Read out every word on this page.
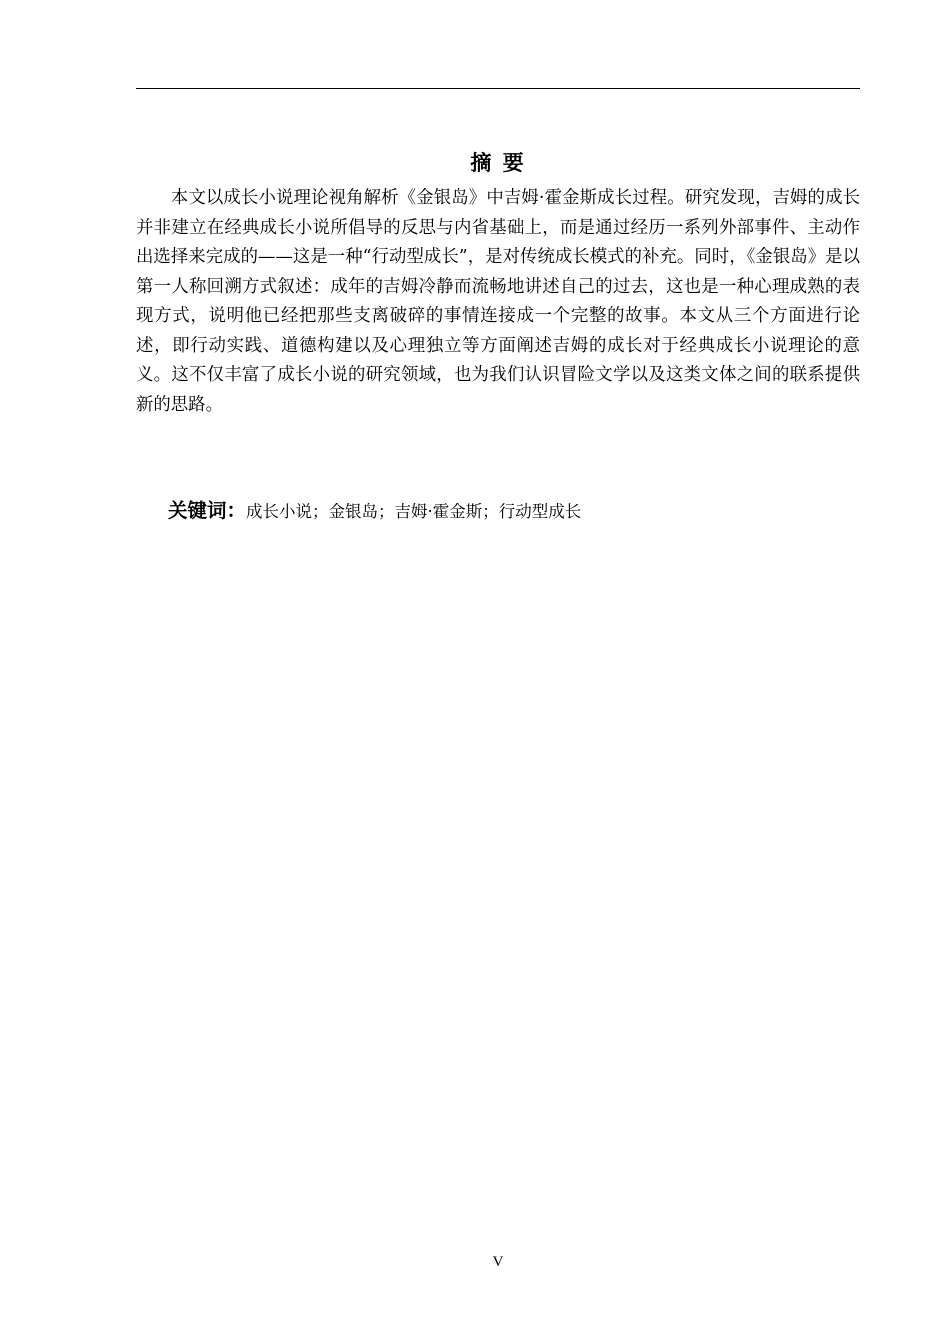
摘 要

本文以成长小说理论视角解析《金银岛》中吉姆·霍金斯成长过程。研究发现，吉姆的成长并非建立在经典成长小说所倡导的反思与内省基础上，而是通过经历一系列外部事件、主动作出选择来完成的——这是一种“行动型成长”，是对传统成长模式的补充。同时，《金银岛》是以第一人称回溯方式叙述：成年的吉姆冷静而流畅地讲述自己的过去，这也是一种心理成熟的表现方式，说明他已经把那些支离破碎的事情连接成一个完整的故事。本文从三个方面进行论述，即行动实践、道德构建以及心理独立等方面阐述吉姆的成长对于经典成长小说理论的意义。这不仅丰富了成长小说的研究领域，也为我们认识冒险文学以及这类文体之间的联系提供新的思路。

关键词：成长小说；金银岛；吉姆·霍金斯；行动型成长
V
